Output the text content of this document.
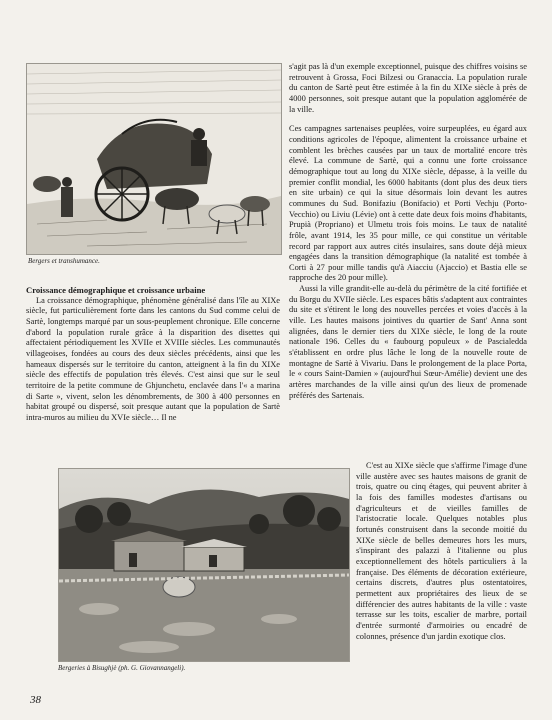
Bergers et transhumance.

Croissance démographique et croissance urbaine

La croissance démographique, phénomène généralisé dans l'île au XIXe siècle, fut particulièrement forte dans les cantons du Sud comme celui de Sartè, longtemps marqué par un sous-peuplement chronique. Elle concerne d'abord la population rurale grâce à la disparition des disettes qui affectaient périodiquement les XVIIe et XVIIIe siècles. Les communautés villageoises, fondées au cours des deux siècles précédents, ainsi que les hameaux dispersés sur le territoire du canton, atteignent à la fin du XIXe siècle des effectifs de population très élevés. C'est ainsi que sur le seul territoire de la petite commune de Ghjunchetu, enclavée dans l'« a marina di Sarte », vivent, selon les dénombrements, de 300 à 400 personnes en habitat groupé ou dispersé, soit presque autant que la population de Sartè intra-muros au milieu du XVIe siècle… Il ne

s'agit pas là d'un exemple exceptionnel, puisque des chiffres voisins se retrouvent à Grossa, Foci Bilzesi ou Granaccia. La population rurale du canton de Sartè peut être estimée à la fin du XIXe siècle à près de 4000 personnes, soit presque autant que la population agglomérée de la ville.

Ces campagnes sartenaises peuplées, voire surpeuplées, eu égard aux conditions agricoles de l'époque, alimentent la croissance urbaine et comblent les brèches causées par un taux de mortalité encore très élevé. La commune de Sartè, qui a connu une forte croissance démographique tout au long du XIXe siècle, dépasse, à la veille du premier conflit mondial, les 6000 habitants (dont plus des deux tiers en site urbain) ce qui la situe désormais loin devant les autres communes du Sud. Bonifaziu (Bonifacio) et Porti Vechju (Porto-Vecchio) ou Liviu (Lévie) ont à cette date deux fois moins d'habitants, Prupià (Propriano) et Ulmetu trois fois moins. Le taux de natalité frôle, avant 1914, les 35 pour mille, ce qui constitue un véritable record par rapport aux autres cités insulaires, sans doute déjà mieux engagées dans la transition démographique (la natalité est tombée à Corti à 27 pour mille tandis qu'à Aiacciu (Ajaccio) et Bastia elle se rapproche des 20 pour mille).

Aussi la ville grandit-elle au-delà du périmètre de la cité fortifiée et du Borgu du XVIIe siècle. Les espaces bâtis s'adaptent aux contraintes du site et s'étirent le long des nouvelles percées et voies d'accès à la ville. Les hautes maisons jointives du quartier de Sant' Anna sont alignées, dans le dernier tiers du XIXe siècle, le long de la route nationale 196. Celles du « faubourg populeux » de Pascialedda s'établissent en ordre plus lâche le long de la nouvelle route de montagne de Sartè à Vivariu. Dans le prolongement de la place Porta, le « cours Saint-Damien » (aujourd'hui Sœur-Amélie) devient une des artères marchandes de la ville ainsi qu'un des lieux de promenade préférés des Sartenais.

C'est au XIXe siècle que s'affirme l'image d'une ville austère avec ses hautes maisons de granit de trois, quatre ou cinq étages, qui peuvent abriter à la fois des familles modestes d'artisans ou d'agriculteurs et de vieilles familles de l'aristocratie locale. Quelques notables plus fortunés construisent dans la seconde moitié du XIXe siècle de belles demeures hors les murs, s'inspirant des palazzi à l'italienne ou plus exceptionnellement des hôtels particuliers à la française. Des éléments de décoration extérieure, certains discrets, d'autres plus ostentatoires, permettent aux propriétaires des lieux de se différencier des autres habitants de la ville : vaste terrasse sur les toits, escalier de marbre, portail d'entrée surmonté d'armoiries ou encadré de colonnes, présence d'un jardin exotique clos.

Bergeries à Bisughjè (ph. G. Giovannangeli).
38
